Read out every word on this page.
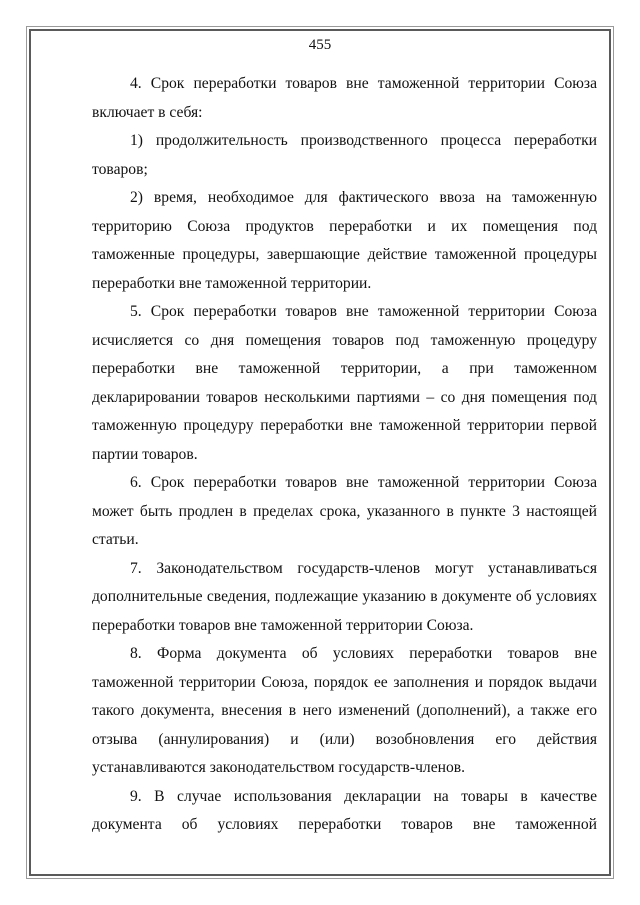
455

4. Срок переработки товаров вне таможенной территории Союза включает в себя:

1) продолжительность производственного процесса переработки товаров;

2) время, необходимое для фактического ввоза на таможенную территорию Союза продуктов переработки и их помещения под таможенные процедуры, завершающие действие таможенной процедуры переработки вне таможенной территории.

5. Срок переработки товаров вне таможенной территории Союза исчисляется со дня помещения товаров под таможенную процедуру переработки вне таможенной территории, а при таможенном декларировании товаров несколькими партиями – со дня помещения под таможенную процедуру переработки вне таможенной территории первой партии товаров.

6. Срок переработки товаров вне таможенной территории Союза может быть продлен в пределах срока, указанного в пункте 3 настоящей статьи.

7. Законодательством государств-членов могут устанавливаться дополнительные сведения, подлежащие указанию в документе об условиях переработки товаров вне таможенной территории Союза.

8. Форма документа об условиях переработки товаров вне таможенной территории Союза, порядок ее заполнения и порядок выдачи такого документа, внесения в него изменений (дополнений), а также его отзыва (аннулирования) и (или) возобновления его действия устанавливаются законодательством государств-членов.

9. В случае использования декларации на товары в качестве документа об условиях переработки товаров вне таможенной
